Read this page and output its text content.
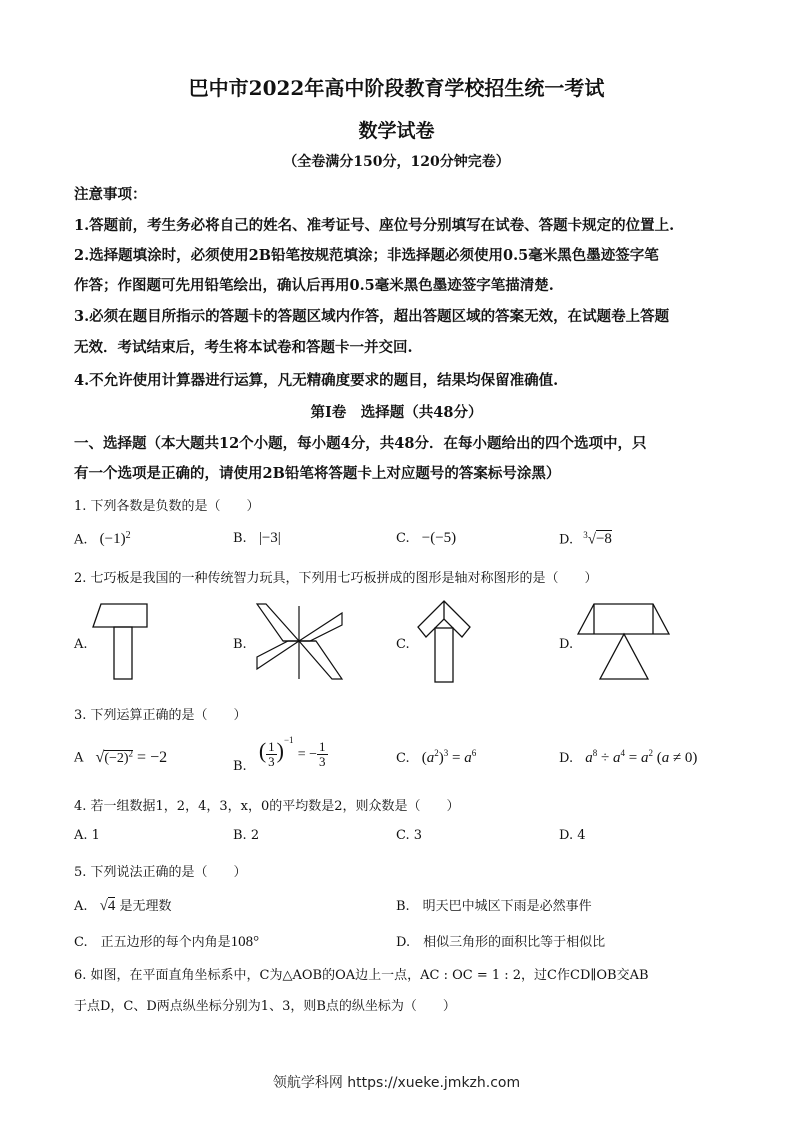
巴中市2022年高中阶段教育学校招生统一考试
数学试卷
（全卷满分150分，120分钟完卷）
注意事项：
1.答题前，考生务必将自己的姓名、准考证号、座位号分别填写在试卷、答题卡规定的位置上.
2.选择题填涂时，必须使用2B铅笔按规范填涂；非选择题必须使用0.5毫米黑色墨迹签字笔
作答；作图题可先用铅笔绘出，确认后再用0.5毫米黑色墨迹签字笔描清楚.
3.必须在题目所指示的答题卡的答题区域内作答，超出答题区域的答案无效，在试题卷上答题
无效．考试结束后，考生将本试卷和答题卡一并交回.
4.不允许使用计算器进行运算，凡无精确度要求的题目，结果均保留准确值.
第Ⅰ卷　选择题（共48分）
一、选择题（本大题共12个小题，每小题4分，共48分．在每小题给出的四个选项中，只
有一个选项是正确的，请使用2B铅笔将答题卡上对应题号的答案标号涂黑）
1. 下列各数是负数的是（　　）
A. $(-1)^2$	B. |−3|	C. −(−5)	D. $^3$√−8
2. 七巧板是我国的一种传统智力玩具，下列用七巧板拼成的图形是轴对称图形的是（　　）
A.	B.	C.	D.
3. 下列运算正确的是（　　）
A $√(-2)^2 = -2$
B. ( $\frac{1}{3} )^{-1}$ = − $\frac{1}{3}$	C. $(a^2)^3 = a^6$	D. $a^8 \div a^4 = a^2$ (a ≠ 0)
4. 若一组数据1，2，4，3，x，0的平均数是2，则众数是（　　）
A. 1	B. 2	C. 3	D. 4
5. 下列说法正确的是（　　）
A. √4 是无理数	B.　明天巴中城区下雨是必然事件
C.　正五边形的每个内角是108°	D.　相似三角形的面积比等于相似比
6. 如图，在平面直角坐标系中，C为△AOB的OA边上一点，AC : OC = 1 : 2，过C作CD∥OB交AB
于点D，C、D两点纵坐标分别为1、3，则B点的纵坐标为（　　）
领航学科网 https://xueke.jmkzh.com
